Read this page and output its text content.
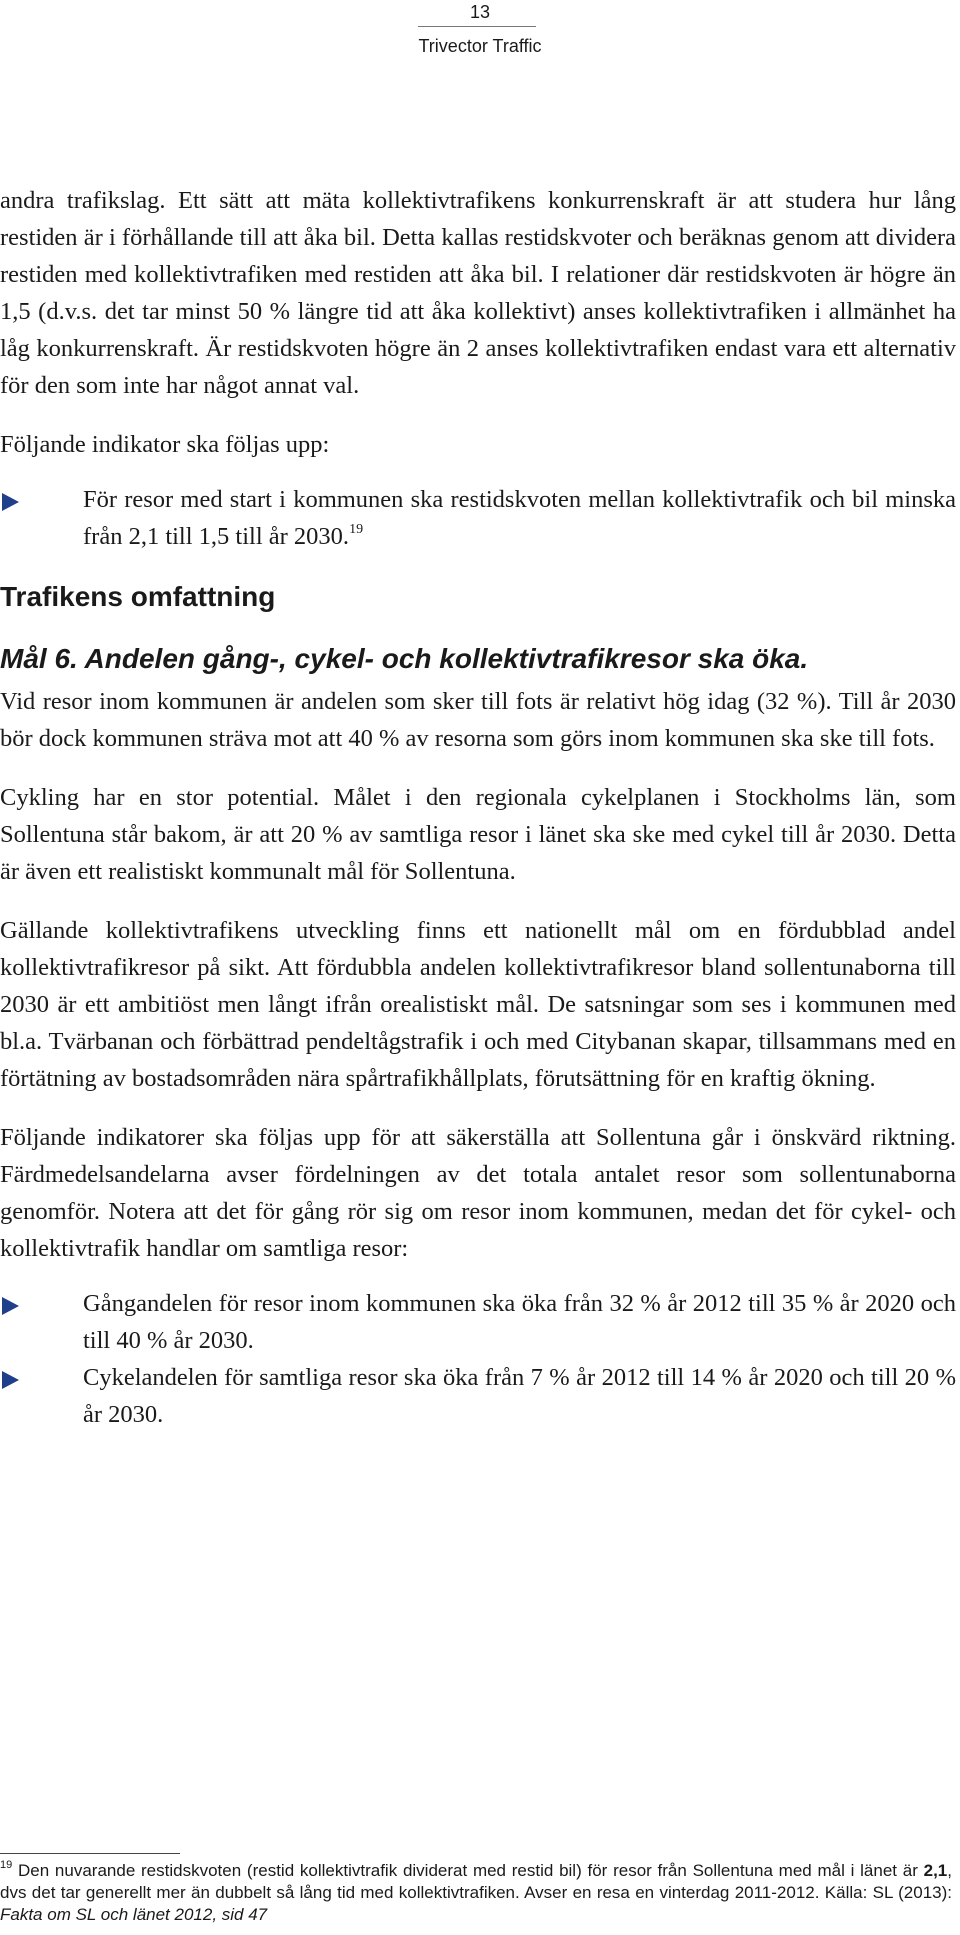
13
Trivector Traffic

andra trafikslag. Ett sätt att mäta kollektivtrafikens konkurrenskraft är att studera hur lång restiden är i förhållande till att åka bil. Detta kallas restidskvoter och beräknas genom att dividera restiden med kollektivtrafiken med restiden att åka bil. I relationer där restidskvoten är högre än 1,5 (d.v.s. det tar minst 50 % längre tid att åka kollektivt) anses kollektivtrafiken i allmänhet ha låg konkurrenskraft. Är restidskvoten högre än 2 anses kollektivtrafiken endast vara ett alternativ för den som inte har något annat val.

Följande indikator ska följas upp:

För resor med start i kommunen ska restidskvoten mellan kollektivtrafik och bil minska från 2,1 till 1,5 till år 2030.19
Trafikens omfattning
Mål 6. Andelen gång-, cykel- och kollektivtrafikresor ska öka.

Vid resor inom kommunen är andelen som sker till fots är relativt hög idag (32 %). Till år 2030 bör dock kommunen sträva mot att 40 % av resorna som görs inom kommunen ska ske till fots.

Cykling har en stor potential. Målet i den regionala cykelplanen i Stockholms län, som Sollentuna står bakom, är att 20 % av samtliga resor i länet ska ske med cykel till år 2030. Detta är även ett realistiskt kommunalt mål för Sollentuna.

Gällande kollektivtrafikens utveckling finns ett nationellt mål om en fördubblad andel kollektivtrafikresor på sikt. Att fördubbla andelen kollektivtrafikresor bland sollentunaborna till 2030 är ett ambitiöst men långt ifrån orealistiskt mål. De satsningar som ses i kommunen med bl.a. Tvärbanan och förbättrad pendeltågstrafik i och med Citybanan skapar, tillsammans med en förtätning av bostadsområden nära spårtrafikhållplats, förutsättning för en kraftig ökning.

Följande indikatorer ska följas upp för att säkerställa att Sollentuna går i önskvärd riktning. Färdmedelsandelarna avser fördelningen av det totala antalet resor som sollentunaborna genomför. Notera att det för gång rör sig om resor inom kommunen, medan det för cykel- och kollektivtrafik handlar om samtliga resor:

Gångandelen för resor inom kommunen ska öka från 32 % år 2012 till 35 % år 2020 och till 40 % år 2030.
Cykelandelen för samtliga resor ska öka från 7 % år 2012 till 14 % år 2020 och till 20 % år 2030.
$^{19}$ Den nuvarande restidskvoten (restid kollektivtrafik dividerat med restid bil) för resor från Sollentuna med mål i länet är 2,1, dvs det tar generellt mer än dubbelt så lång tid med kollektivtrafiken. Avser en resa en vinterdag 2011-2012. Källa: SL (2013): Fakta om SL och länet 2012, sid 47
